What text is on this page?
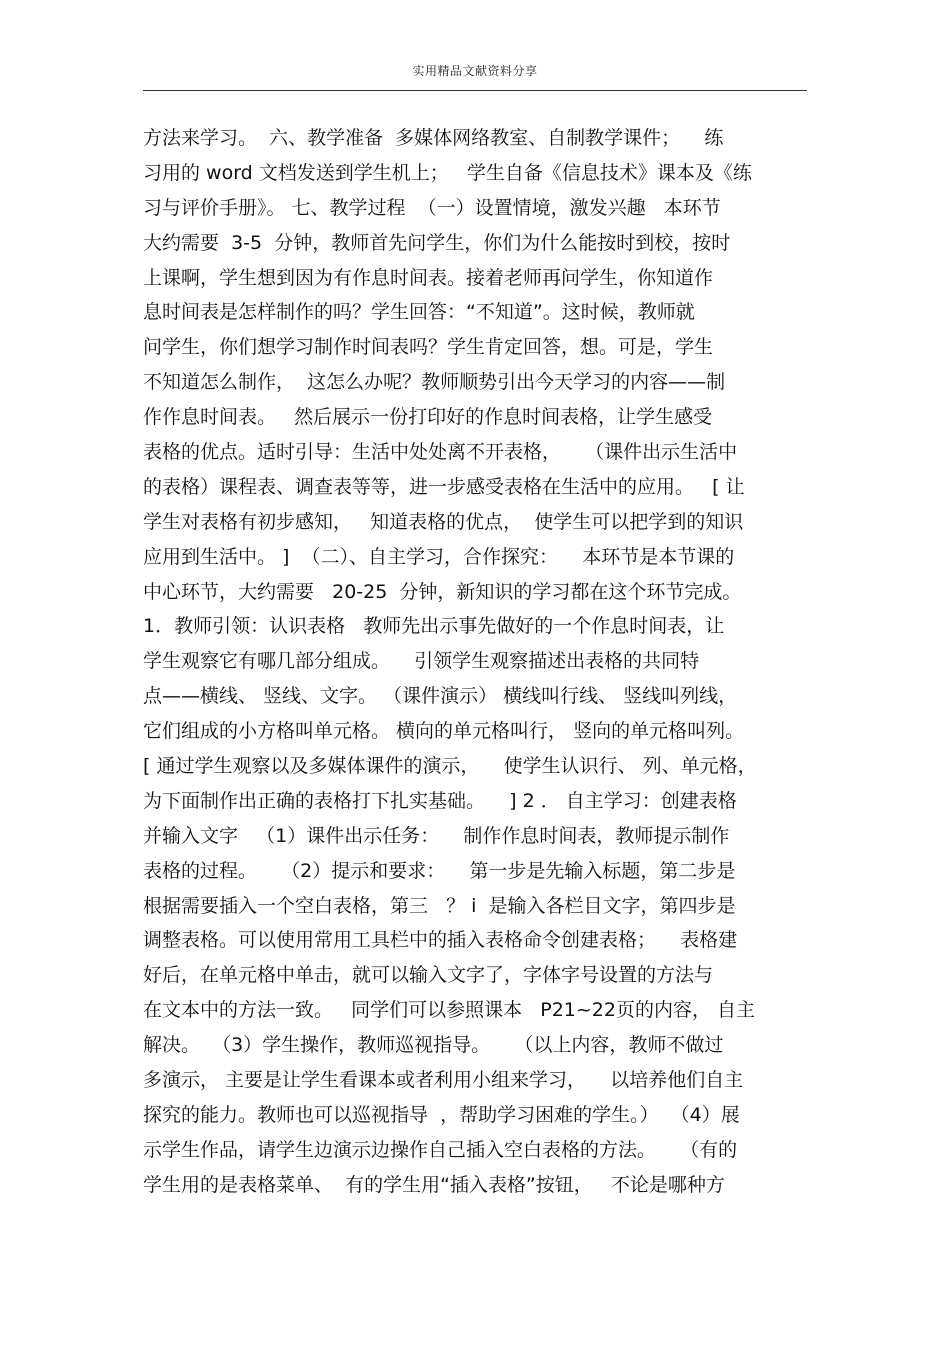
实用精品文献资料分享
方法来学习。  六、教学准备  多媒体网络教室、自制教学课件；    练
习用的 word 文档发送到学生机上；   学生自备《信息技术》课本及《练
习与评价手册》。 七、教学过程  （一）设置情境，激发兴趣   本环节
大约需要  3-5  分钟，教师首先问学生，你们为什么能按时到校，按时
上课啊，学生想到因为有作息时间表。接着老师再问学生，你知道作
息时间表是怎样制作的吗？学生回答：“不知道”。这时候，教师就
问学生，你们想学习制作时间表吗？学生肯定回答，想。可是，学生
不知道怎么制作，  这怎么办呢？教师顺势引出今天学习的内容——制
作作息时间表。   然后展示一份打印好的作息时间表格，让学生感受
表格的优点。适时引导：生活中处处离不开表格，    （课件出示生活中
的表格）课程表、调查表等等，进一步感受表格在生活中的应用。   [ 让
学生对表格有初步感知，   知道表格的优点，  使学生可以把学到的知识
应用到生活中。 ]  （二）、自主学习，合作探究：    本环节是本节课的
中心环节，大约需要   20-25  分钟，新知识的学习都在这个环节完成。
1．教师引领：认识表格   教师先出示事先做好的一个作息时间表，让
学生观察它有哪几部分组成。    引领学生观察描述出表格的共同特
点——横线、 竖线、文字。 （课件演示） 横线叫行线、 竖线叫列线，
它们组成的小方格叫单元格。 横向的单元格叫行， 竖向的单元格叫列。
[ 通过学生观察以及多媒体课件的演示，    使学生认识行、 列、单元格，
为下面制作出正确的表格打下扎实基础。    ] 2 ． 自主学习：创建表格
并输入文字   （1）课件出示任务：    制作作息时间表，教师提示制作
表格的过程。    （2）提示和要求：    第一步是先输入标题，第二步是
根据需要插入一个空白表格，第三   ？ i  是输入各栏目文字，第四步是
调整表格。可以使用常用工具栏中的插入表格命令创建表格；    表格建
好后，在单元格中单击，就可以输入文字了，字体字号设置的方法与
在文本中的方法一致。   同学们可以参照课本   P21~22页的内容， 自主
解决。  （3）学生操作，教师巡视指导。    （以上内容，教师不做过
多演示， 主要是让学生看课本或者利用小组来学习，    以培养他们自主
探究的能力。教师也可以巡视指导  ，帮助学习困难的学生。）  （4）展
示学生作品，请学生边演示边操作自己插入空白表格的方法。    （有的
学生用的是表格菜单、  有的学生用“插入表格”按钮，   不论是哪种方
